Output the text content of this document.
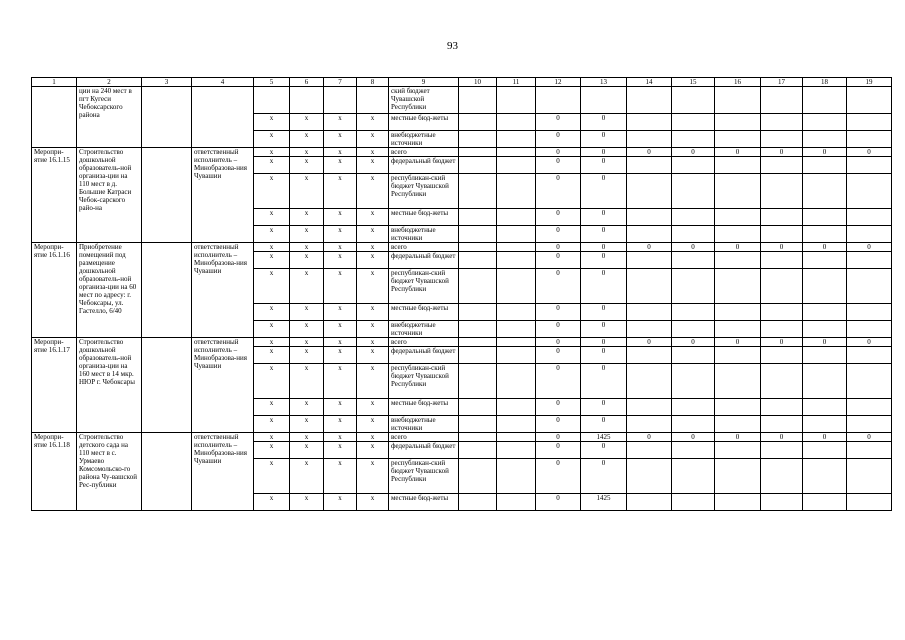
93
1	2	3	4	5	6	7	8	9	10	11	12	13	14	15	16	17	18	19
	ции на 240 мест в пгт Кугеси Чебоксарского района							ский бюджет Чувашской Республики										
				x	x	x	x	местные бюд-жеты			0	0						
				x	x	x	x	внебюджетные источники			0	0						
Меропри-ятие 16.1.15	Строительство дошкольной образователь-ной организа-ции на 110 мест в д. Большие Катраси Чебок-сарского райо-на		ответственный исполнитель – Минобразова-ния Чувашии	x	x	x	x	всего			0	0	0	0	0	0	0	0
				x	x	x	x	федеральный бюджет			0	0						
				x	x	x	x	республикан-ский бюджет Чувашской Республики			0	0						
				x	x	x	x	местные бюд-жеты			0	0						
				x	x	x	x	внебюджетные источники			0	0						
Меропри-ятие 16.1.16	Приобретение помещений под размещение дошкольной образователь-ной организа-ции на 60 мест по адресу: г. Чебоксары, ул. Гастелло, 6/40		ответственный исполнитель – Минобразова-ния Чувашии	x	x	x	x	всего			0	0	0	0	0	0	0	0
				x	x	x	x	федеральный бюджет			0	0						
				x	x	x	x	республикан-ский бюджет Чувашской Республики			0	0						
				x	x	x	x	местные бюд-жеты			0	0						
				x	x	x	x	внебюджетные источники			0	0						
Меропри-ятие 16.1.17	Строительство дошкольной образователь-ной организа-ции на 160 мест в 14 мкр. НЮР г. Чебоксары		ответственный исполнитель – Минобразова-ния Чувашии	x	x	x	x	всего			0	0	0	0	0	0	0	0
				x	x	x	x	федеральный бюджет			0	0						
				x	x	x	x	республикан-ский бюджет Чувашской Республики			0	0						
				x	x	x	x	местные бюд-жеты			0	0						
				x	x	x	x	внебюджетные источники			0	0						
Меропри-ятие 16.1.18	Строительство детского сада на 110 мест в с. Урмаево Комсомольско-го района Чу-вашской Рес-публики		ответственный исполнитель – Минобразова-ния Чувашии	x	x	x	x	всего			0	1425	0	0	0	0	0	0
				x	x	x	x	федеральный бюджет			0	0						
				x	x	x	x	республикан-ский бюджет Чувашской Республики			0	0						
				x	x	x	x	местные бюд-жеты			0	1425						
